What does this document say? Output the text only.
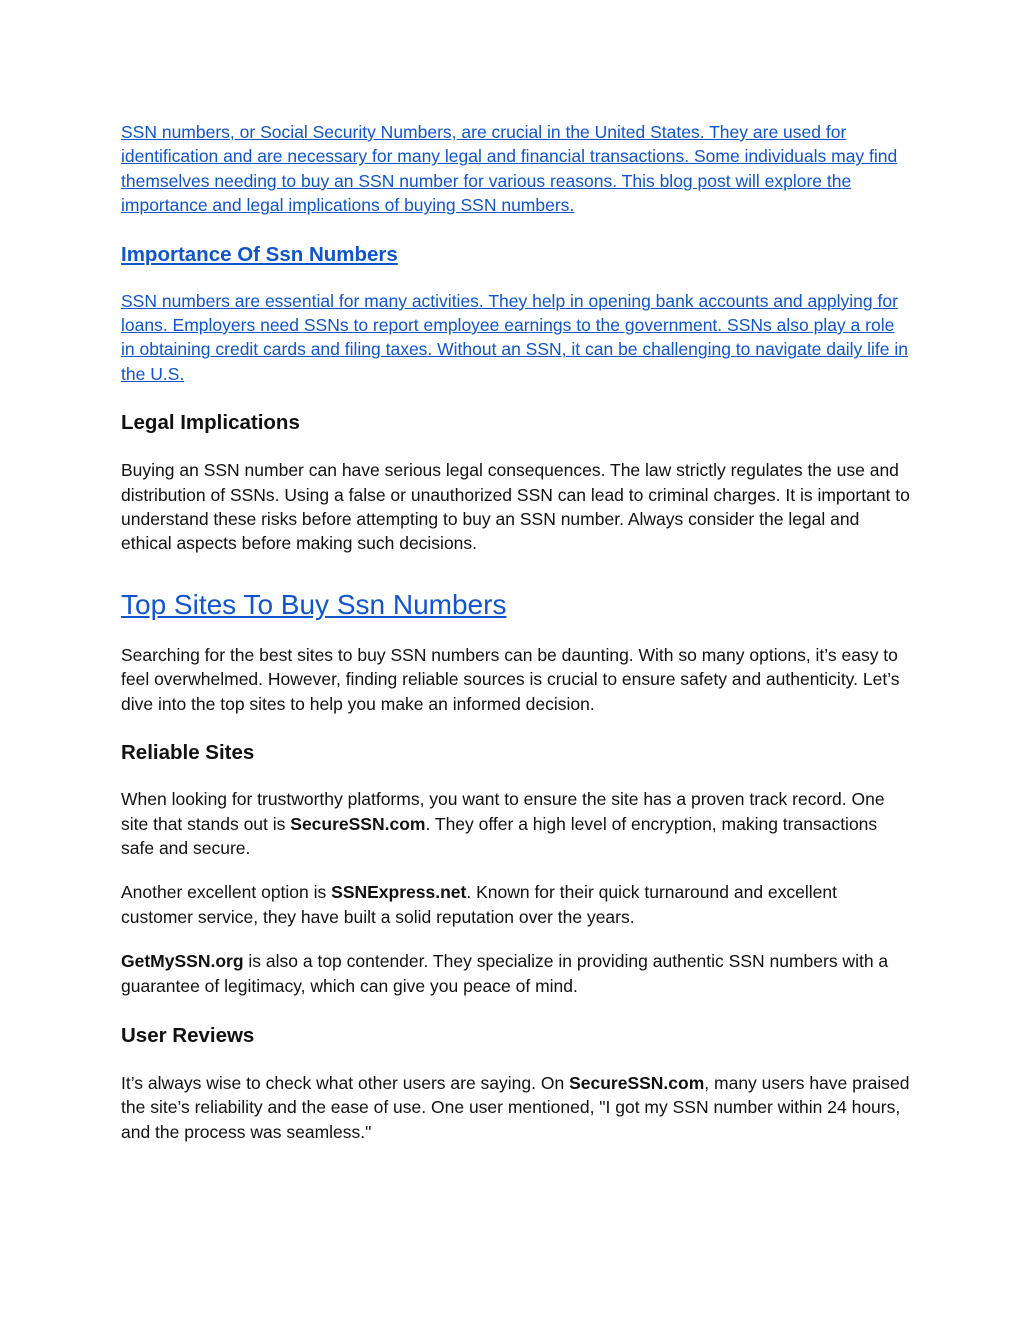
SSN numbers, or Social Security Numbers, are crucial in the United States. They are used for identification and are necessary for many legal and financial transactions. Some individuals may find themselves needing to buy an SSN number for various reasons. This blog post will explore the importance and legal implications of buying SSN numbers.

Importance Of Ssn Numbers

SSN numbers are essential for many activities. They help in opening bank accounts and applying for loans. Employers need SSNs to report employee earnings to the government. SSNs also play a role in obtaining credit cards and filing taxes. Without an SSN, it can be challenging to navigate daily life in the U.S.

Legal Implications

Buying an SSN number can have serious legal consequences. The law strictly regulates the use and distribution of SSNs. Using a false or unauthorized SSN can lead to criminal charges. It is important to understand these risks before attempting to buy an SSN number. Always consider the legal and ethical aspects before making such decisions.

Top Sites To Buy Ssn Numbers

Searching for the best sites to buy SSN numbers can be daunting. With so many options, it’s easy to feel overwhelmed. However, finding reliable sources is crucial to ensure safety and authenticity. Let’s dive into the top sites to help you make an informed decision.

Reliable Sites

When looking for trustworthy platforms, you want to ensure the site has a proven track record. One site that stands out is SecureSSN.com. They offer a high level of encryption, making transactions safe and secure.

Another excellent option is SSNExpress.net. Known for their quick turnaround and excellent customer service, they have built a solid reputation over the years.

GetMySSN.org is also a top contender. They specialize in providing authentic SSN numbers with a guarantee of legitimacy, which can give you peace of mind.

User Reviews

It’s always wise to check what other users are saying. On SecureSSN.com, many users have praised the site’s reliability and the ease of use. One user mentioned, "I got my SSN number within 24 hours, and the process was seamless."
